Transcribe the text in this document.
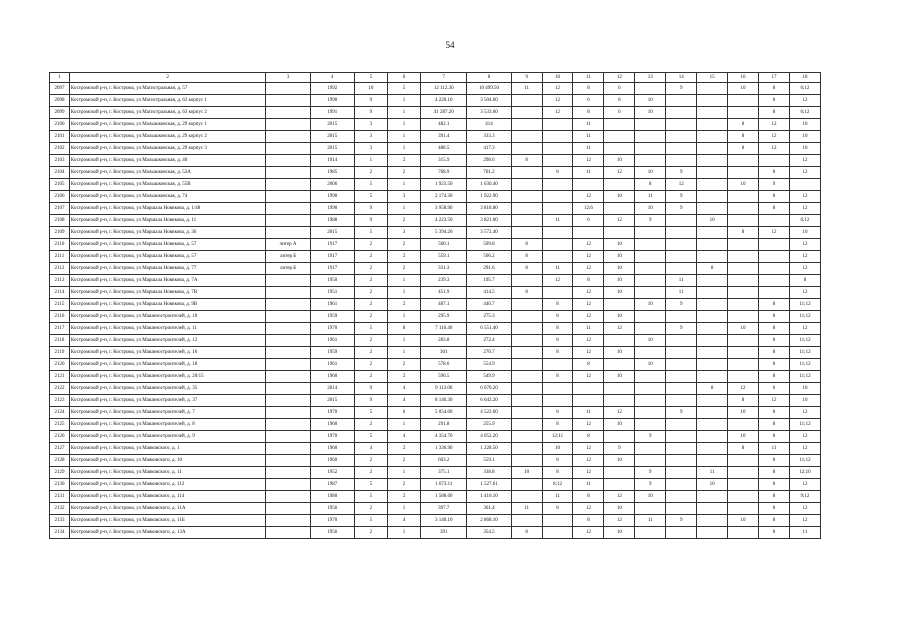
54
1	2	3	4	5	6	7	8	9	10	11	12	13	14	15	16	17	18
2097	Костромской р-н, г. Кострома, ул Магистральная, д. 57		1992	10	5	12 112.30	10 499.50	11	12	8	6		9		10	8	6;12
2098	Костромской р-н, г. Кострома, ул Магистральная, д. 63 корпус 1		1990	9	1	4 220.10	3 504.60		12	6	8	10				8	12
2099	Костромской р-н, г. Кострома, ул Магистральная, д. 63 корпус 2		1991	9	1	41 287.20	3 533.60		12	8	6	10				8	6;12
2100	Костромской р-н, г. Кострома, ул Малышковская, д. 29 корпус 1		2015	3	1	482.1	414			11					8	12	10
2101	Костромской р-н, г. Кострома, ул Малышковская, д. 29 корпус 2		2015	3	1	391.4	333.3			11					8	12	10
2102	Костромской р-н, г. Кострома, ул Малышковская, д. 29 корпус 3		2015	3	1	488.5	417.3			11					8	12	10
2103	Костромской р-н, г. Кострома, ул Малышковская, д. 40		1914	1	2	315.9	298.6	8		12	10						12
2104	Костромской р-н, г. Кострома, ул Малышковская, д. 53А		1985	2	2	768.9	701.2		8	11	12	10	9			8	12
2105	Костромской р-н, г. Кострома, ул Малышковская, д. 55В		2006	5	1	1 923.50	1 630.40					8	12		10	9	
2106	Костромской р-н, г. Кострома, ул Малышковская, д. 74		1990	5	3	2 174.30	1 922.90			12	10	11	9			8	12
2107	Костромской р-н, г. Кострома, ул Маршала Новикова, д. 1/48		1990	9	1	3 958.90	3 818.80			12;6		10	9			8	12
2108	Костромской р-н, г. Кострома, ул Маршала Новикова, д. 11		1988	9	2	4 223.50	3 821.00		11	6	12	9		10			6;12
2109	Костромской р-н, г. Кострома, ул Маршала Новикова, д. 36		2015	5	3	5 394.20	3 572.40								8	12	10
2110	Костромской р-н, г. Кострома, ул Маршала Новикова, д. 57	литер А	1917	2	2	560.1	509.8	8		12	10						12
2111	Костромской р-н, г. Кострома, ул Маршала Новикова, д. 57	литер Б	1917	2	2	559.1	506.2	8		12	10						12
2112	Костромской р-н, г. Кострома, ул Маршала Новикова, д. 77	литер Б	1917	2	2	331.3	291.6	8	11	12	10			8			12
2113	Костромской р-н, г. Кострома, ул Маршала Новикова, д. 7А		1950	2	1	239.3	195.7		12	8	10		11				8
2114	Костромской р-н, г. Кострома, ул Маршала Новикова, д. 7В		1951	2	1	451.9	414.5	8		12	10		11				12
2115	Костромской р-н, г. Кострома, ул Маршала Новикова, д. 9В		1961	2	2	487.1	440.7		8	12		10	9			8	11;12
2116	Костромской р-н, г. Кострома, ул Машиностроителей, д. 10		1959	2	1	295.9	275.3		8	12	10					8	11;12
2117	Костромской р-н, г. Кострома, ул Машиностроителей, д. 11		1970	5	8	7 116.40	6 551.40		8	11	12		9		10	8	12
2118	Костромской р-н, г. Кострома, ул Машиностроителей, д. 12		1961	2	1	283.8	272.4		8	12		10				8	11;12
2119	Костромской р-н, г. Кострома, ул Машиностроителей, д. 16		1959	2	1	301	270.7		8	12	10					8	11;12
2120	Костромской р-н, г. Кострома, ул Машиностроителей, д. 18		1961	2	2	578.6	554.9			8		10				8	11;12
2121	Костромской р-н, г. Кострома, ул Машиностроителей, д. 20/15		1960	2	2	596.5	549.9		8	12	10					8	11;12
2122	Костромской р-н, г. Кострома, ул Машиностроителей, д. 35		2014	9	4	9 113.00	6 670.20							8	12	6	10
2123	Костромской р-н, г. Кострома, ул Машиностроителей, д. 37		2015	9	4	8 146.30	6 643.20								8	12	10
2124	Костромской р-н, г. Кострома, ул Машиностроителей, д. 7		1970	5	6	5 054.00	4 522.00		8	11	12		9		10	8	12
2125	Костромской р-н, г. Кострома, ул Машиностроителей, д. 8		1960	2	1	291.8	255.9		8	12	10					8	11;12
2126	Костромской р-н, г. Кострома, ул Машиностроителей, д. 9		1970	5	4	4 354.70	4 052.20		12;11	8		9			10	8	12
2127	Костромской р-н, г. Кострома, ул Маяковского, д. 1		1960	4	2	1 336.90	1 228.50		10	12	9				8	11	12
2128	Костромской р-н, г. Кострома, ул Маяковского, д. 10		1960	2	2	603.2	559.1		8	12	10					8	11;12
2129	Костромской р-н, г. Кострома, ул Маяковского, д. 11		1952	2	1	375.1	338.8	10	8	12		9		11		8	12;10
2130	Костромской р-н, г. Кострома, ул Маяковского, д. 112		1987	5	2	1 673.11	1 527.61		8;12	11		9		10		8	12
2131	Костромской р-н, г. Кострома, ул Маяковского, д. 114		1980	5	2	1 588.60	1 416.10		11	8	12	10				8	9;12
2132	Костромской р-н, г. Кострома, ул Маяковского, д. 11А		1956	2	1	397.7	361.4	11	8	12	10					8	12
2133	Костромской р-н, г. Кострома, ул Маяковского, д. 11Б		1970	5	4	3 140.10	2 868.10			8	12	11	9		10	8	12
2134	Костромской р-н, г. Кострома, ул Маяковского, д. 13А		1956	2	1	391	354.5	8		12	10					8	11
